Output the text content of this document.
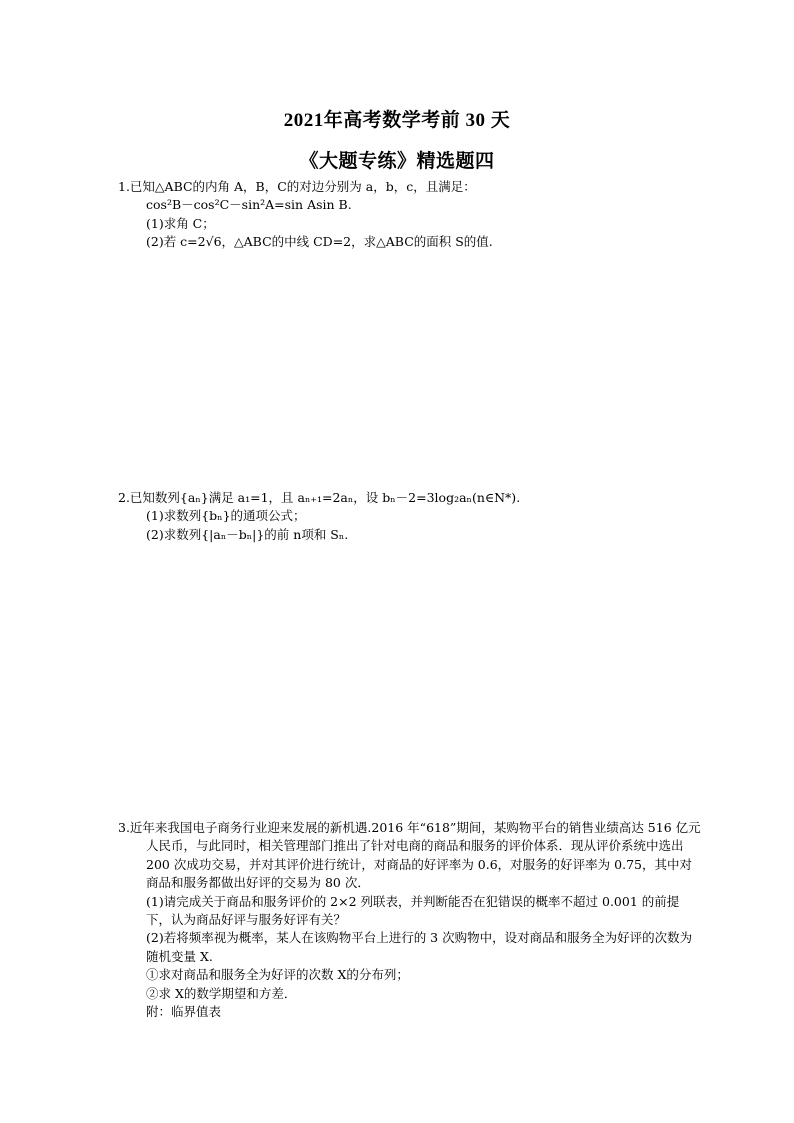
2021年高考数学考前 30 天
《大题专练》精选题四
1.已知△ABC的内角 A，B，C的对边分别为 a，b，c，且满足：
cos²B－cos²C－sin²A=sin Asin B.
(1)求角 C；
(2)若 c=2√6，△ABC的中线 CD=2，求△ABC的面积 S的值.
2.已知数列{aₙ}满足 a₁=1，且 aₙ₊₁=2aₙ，设 bₙ－2=3log₂aₙ(n∈N*).
(1)求数列{bₙ}的通项公式；
(2)求数列{|aₙ－bₙ|}的前 n项和 Sₙ.
3.近年来我国电子商务行业迎来发展的新机遇.2016 年“618”期间，某购物平台的销售业绩高达 516 亿元人民币，与此同时，相关管理部门推出了针对电商的商品和服务的评价体系．现从评价系统中选出 200 次成功交易，并对其评价进行统计，对商品的好评率为 0.6，对服务的好评率为 0.75，其中对商品和服务都做出好评的交易为 80 次．
(1)请完成关于商品和服务评价的 2×2 列联表，并判断能否在犯错误的概率不超过 0.001 的前提下，认为商品好评与服务好评有关？
(2)若将频率视为概率，某人在该购物平台上进行的 3 次购物中，设对商品和服务全为好评的次数为随机变量 X.
①求对商品和服务全为好评的次数 X的分布列；
②求 X的数学期望和方差．
附：临界值表
